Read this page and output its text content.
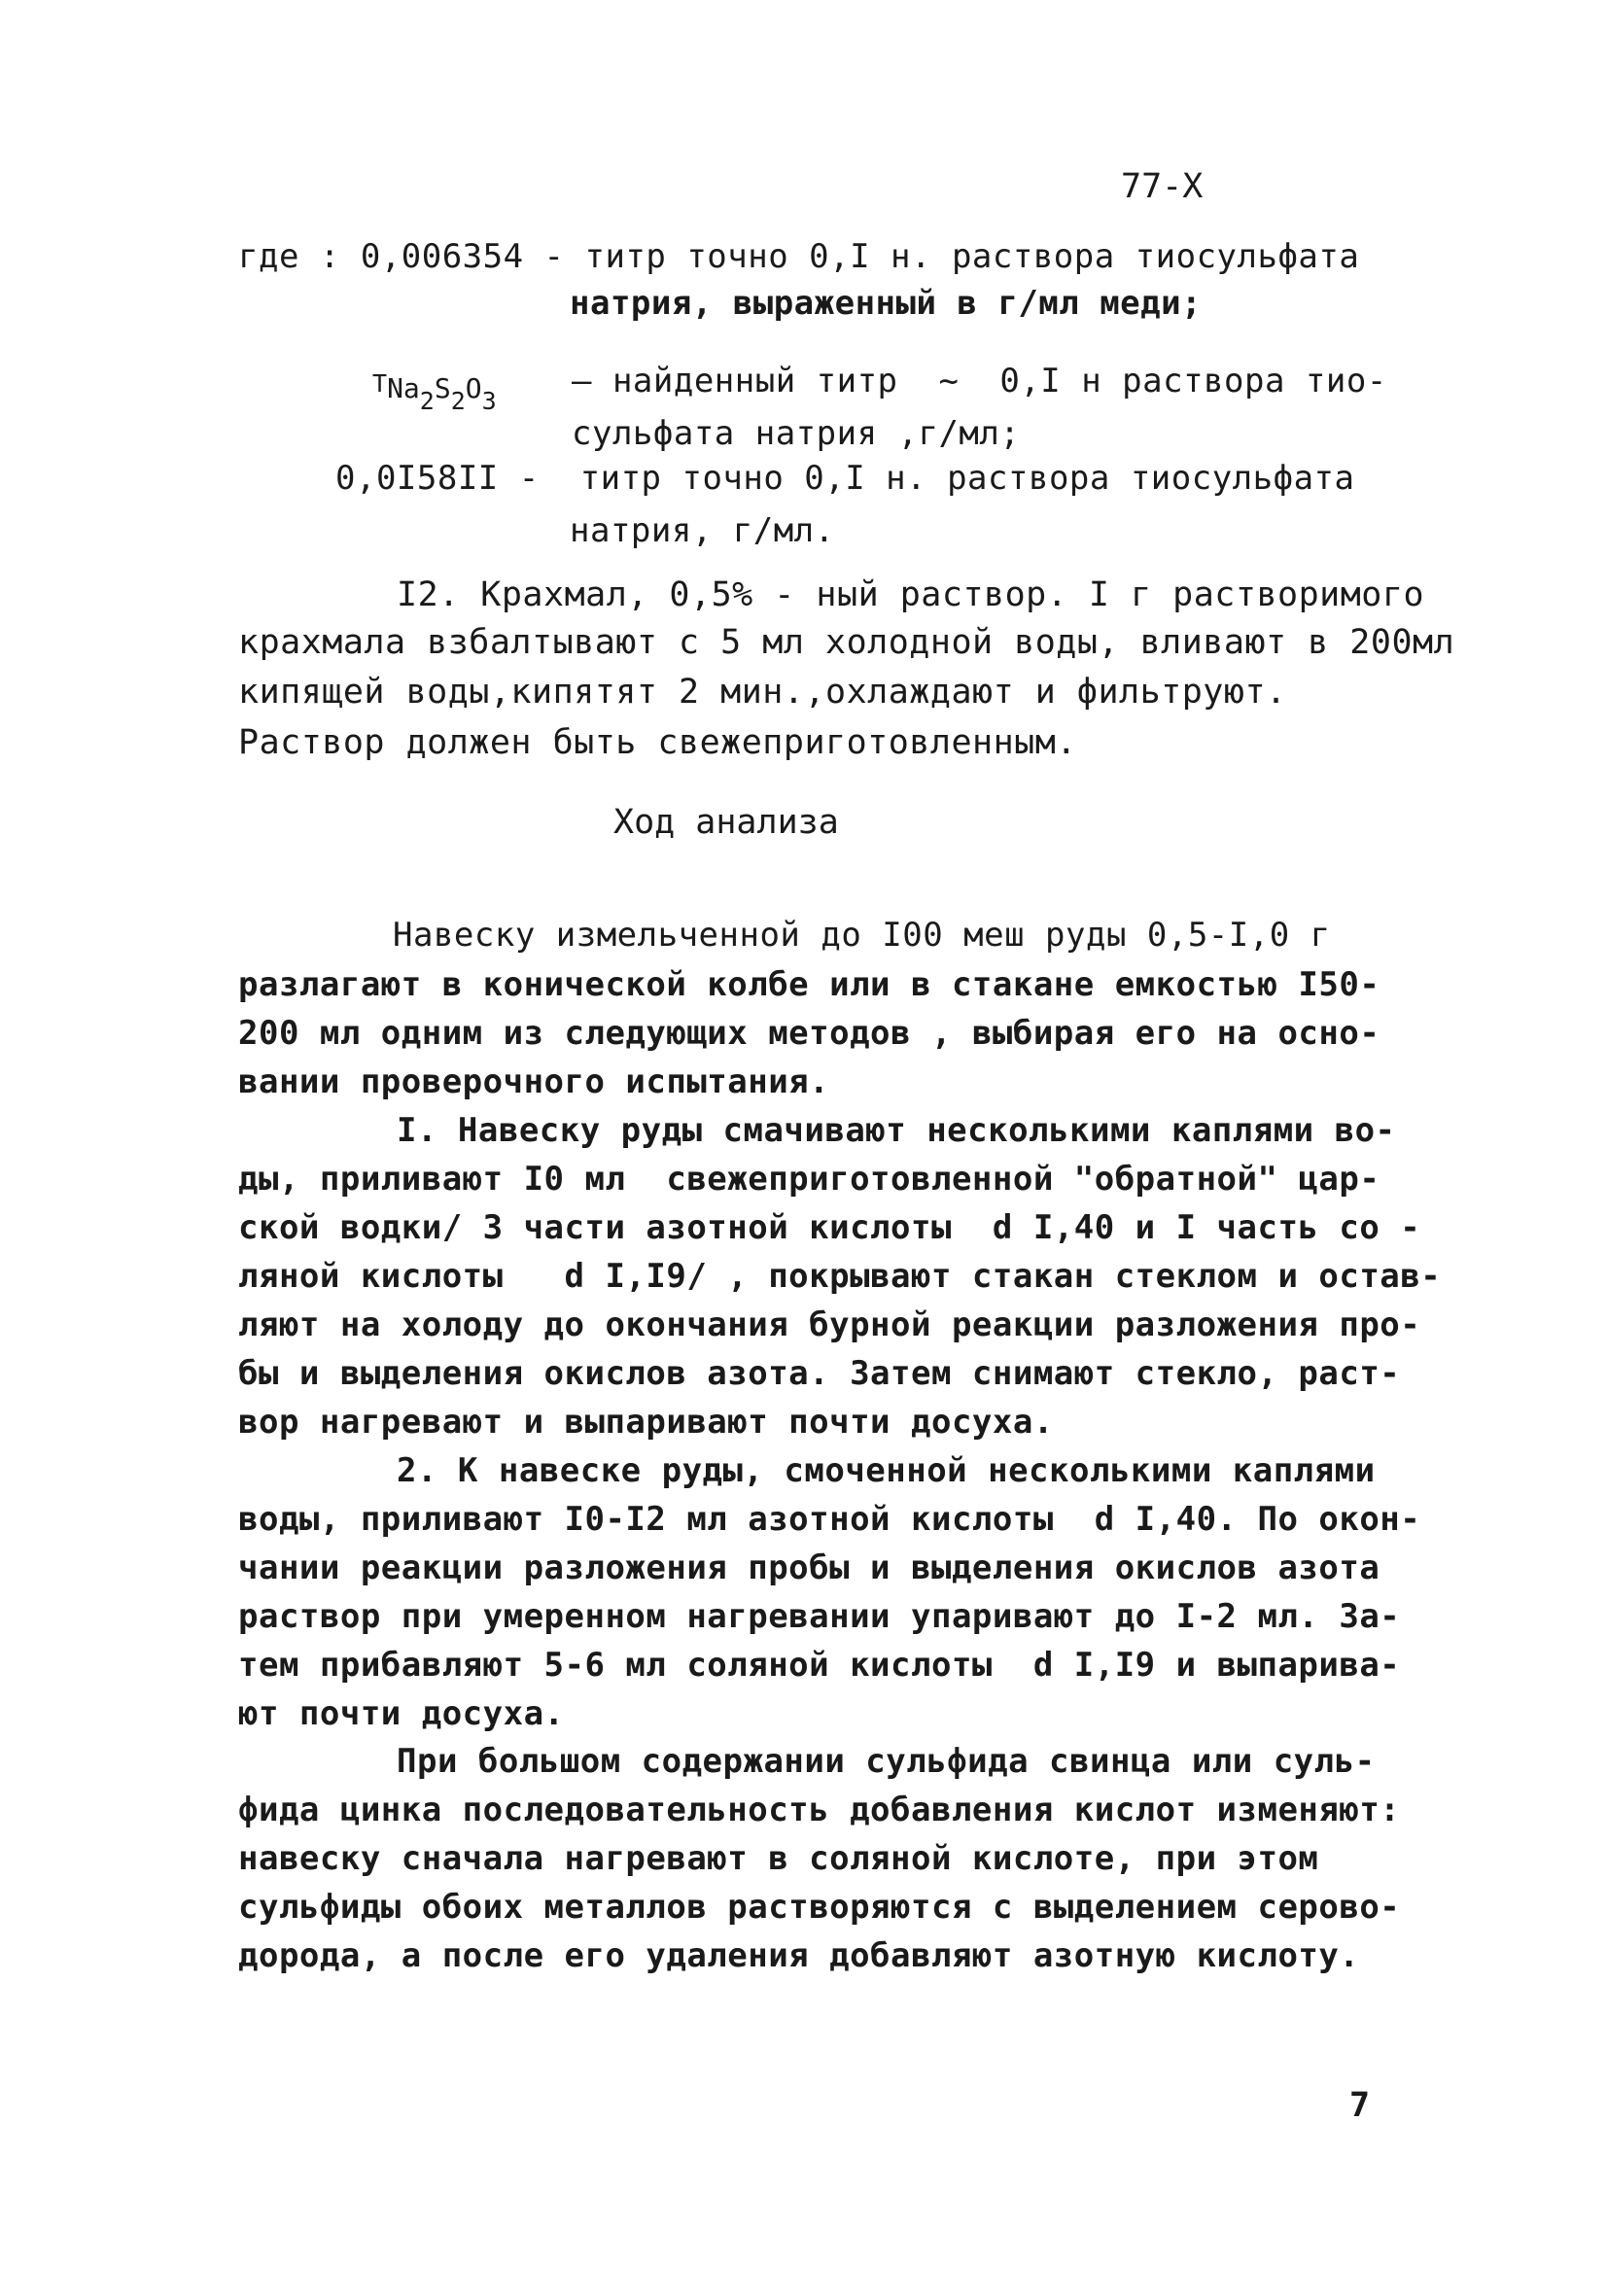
77-X
где : 0,006354 - титр точно 0,I н. раствора тиосульфата
натрия, выраженный в г/мл меди;
$TNa_2S_2O_3$
— найденный титр  ~  0,I н раствора тио-
сульфата натрия ,г/мл;
0,0I58II -  титр точно 0,I н. раствора тиосульфата
натрия, г/мл.
I2. Крахмал, 0,5% - ный раствор. I г растворимого
крахмала взбалтывают с 5 мл холодной воды, вливают в 200мл
кипящей воды,кипятят 2 мин.,охлаждают и фильтруют.
Раствор должен быть свежеприготовленным.
Ход анализа
Навеску измельченной до I00 меш руды 0,5-I,0 г
разлагают в конической колбе или в стакане емкостью I50-
200 мл одним из следующих методов , выбирая его на осно-
вании проверочного испытания.
I. Навеску руды смачивают несколькими каплями во-
ды, приливают I0 мл  свежеприготовленной "обратной" цар-
ской водки/ 3 части азотной кислоты  d I,40 и I часть со -
ляной кислоты   d I,I9/ , покрывают стакан стеклом и остав-
ляют на холоду до окончания бурной реакции разложения про-
бы и выделения окислов азота. Затем снимают стекло, раст-
вор нагревают и выпаривают почти досуха.
2. К навеске руды, смоченной несколькими каплями
воды, приливают I0-I2 мл азотной кислоты  d I,40. По окон-
чании реакции разложения пробы и выделения окислов азота
раствор при умеренном нагревании упаривают до I-2 мл. За-
тем прибавляют 5-6 мл соляной кислоты  d I,I9 и выпарива-
ют почти досуха.
При большом содержании сульфида свинца или суль-
фида цинка последовательность добавления кислот изменяют:
навеску сначала нагревают в соляной кислоте, при этом
сульфиды обоих металлов растворяются с выделением серово-
дорода, а после его удаления добавляют азотную кислоту.
7
